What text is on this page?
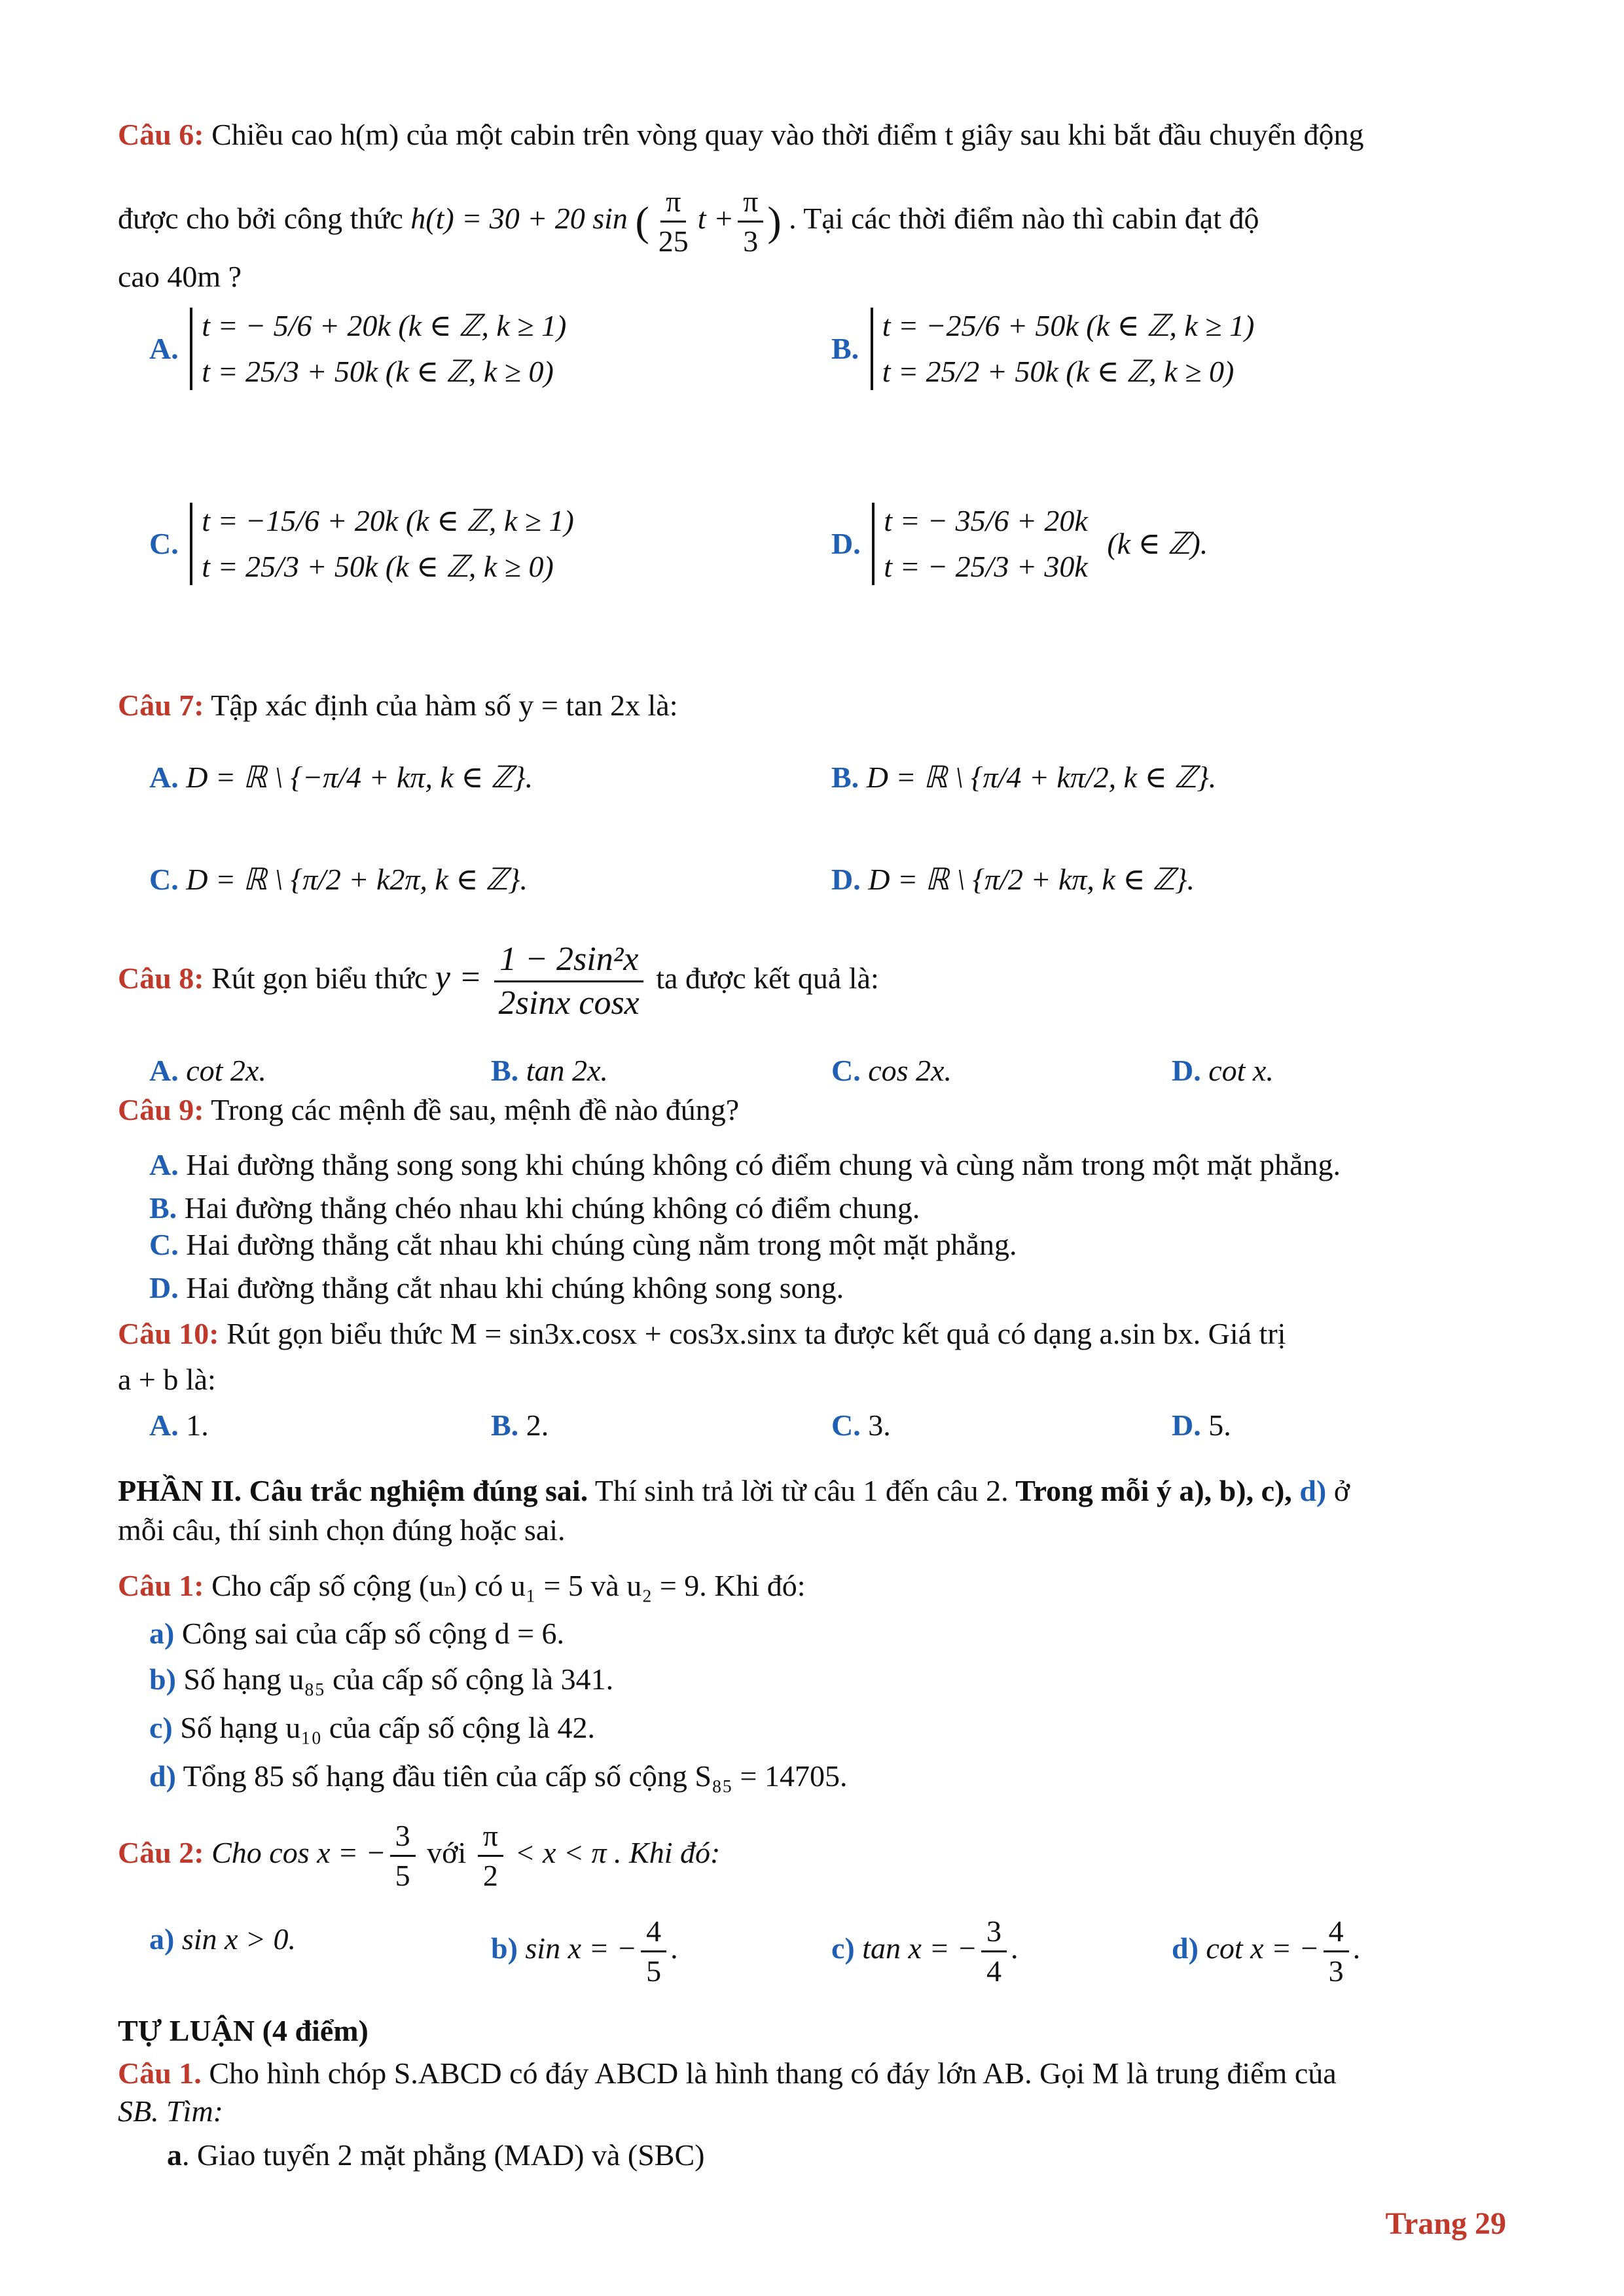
Câu 6: Chiều cao h(m) của một cabin trên vòng quay vào thời điểm t giây sau khi bắt đầu chuyển động
được cho bởi công thức h(t) = 30 + 20 sin ( $\frac{\pi}{25}$ $t + \frac{\pi}{3}$ ) . Tại các thời điểm nào thì cabin đạt độ
cao 40m ?
A.
t = − 5/6 + 20k (k ∈ ℤ, k ≥ 1)
t = 25/3 + 50k (k ∈ ℤ, k ≥ 0)
B.
t = −25/6 + 50k (k ∈ ℤ, k ≥ 1)
t = 25/2 + 50k (k ∈ ℤ, k ≥ 0)
C.
t = −15/6 + 20k (k ∈ ℤ, k ≥ 1)
t = 25/3 + 50k (k ∈ ℤ, k ≥ 0)
D.
t = − 35/6 + 20k
t = − 25/3 + 30k
(k ∈ ℤ).
Câu 7: Tập xác định của hàm số y = tan 2x là:
A. D = ℝ \ {−π/4 + kπ, k ∈ ℤ}.	B. D = ℝ \ {π/4 + kπ/2, k ∈ ℤ}.
C. D = ℝ \ {π/2 + k2π, k ∈ ℤ}.	D. D = ℝ \ {π/2 + kπ, k ∈ ℤ}.
Câu 8: Rút gọn biểu thức $y = \frac{\text{1 − 2sin²x}}{\text{2sinx cosx}}$ ta được kết quả là:
A. cot 2x.	B. tan 2x.	C. cos 2x.	D. cot x.
Câu 9: Trong các mệnh đề sau, mệnh đề nào đúng?
A. Hai đường thẳng song song khi chúng không có điểm chung và cùng nằm trong một mặt phẳng.
B. Hai đường thẳng chéo nhau khi chúng không có điểm chung.
C. Hai đường thẳng cắt nhau khi chúng cùng nằm trong một mặt phẳng.
D. Hai đường thẳng cắt nhau khi chúng không song song.
Câu 10: Rút gọn biểu thức M = sin3x.cosx + cos3x.sinx ta được kết quả có dạng a.sin bx. Giá trị
a + b là:
A. 1.	B. 2.	C. 3.	D. 5.
PHẦN II. Câu trắc nghiệm đúng sai. Thí sinh trả lời từ câu 1 đến câu 2. Trong mỗi ý a), b), c), d) ở
mỗi câu, thí sinh chọn đúng hoặc sai.
Câu 1: Cho cấp số cộng (uₙ) có u₁ = 5 và u₂ = 9. Khi đó:
a) Công sai của cấp số cộng d = 6.
b) Số hạng u₈₅ của cấp số cộng là 341.
c) Số hạng u₁₀ của cấp số cộng là 42.
d) Tổng 85 số hạng đầu tiên của cấp số cộng S₈₅ = 14705.
Câu 2: Cho cos x = − $\frac{3}{5}$ với $\frac{\pi}{2} < x < \pi$ . Khi đó:
a) sin x > 0.	b) sin x = − $\frac{4}{5}$ .	c) tan x = − $\frac{3}{4}$ .	d) cot x = − $\frac{4}{3}$ .
TỰ LUẬN (4 điểm)
Câu 1. Cho hình chóp S.ABCD có đáy ABCD là hình thang có đáy lớn AB. Gọi M là trung điểm của
SB. Tìm:
a. Giao tuyến 2 mặt phẳng (MAD) và (SBC)
Trang 29
